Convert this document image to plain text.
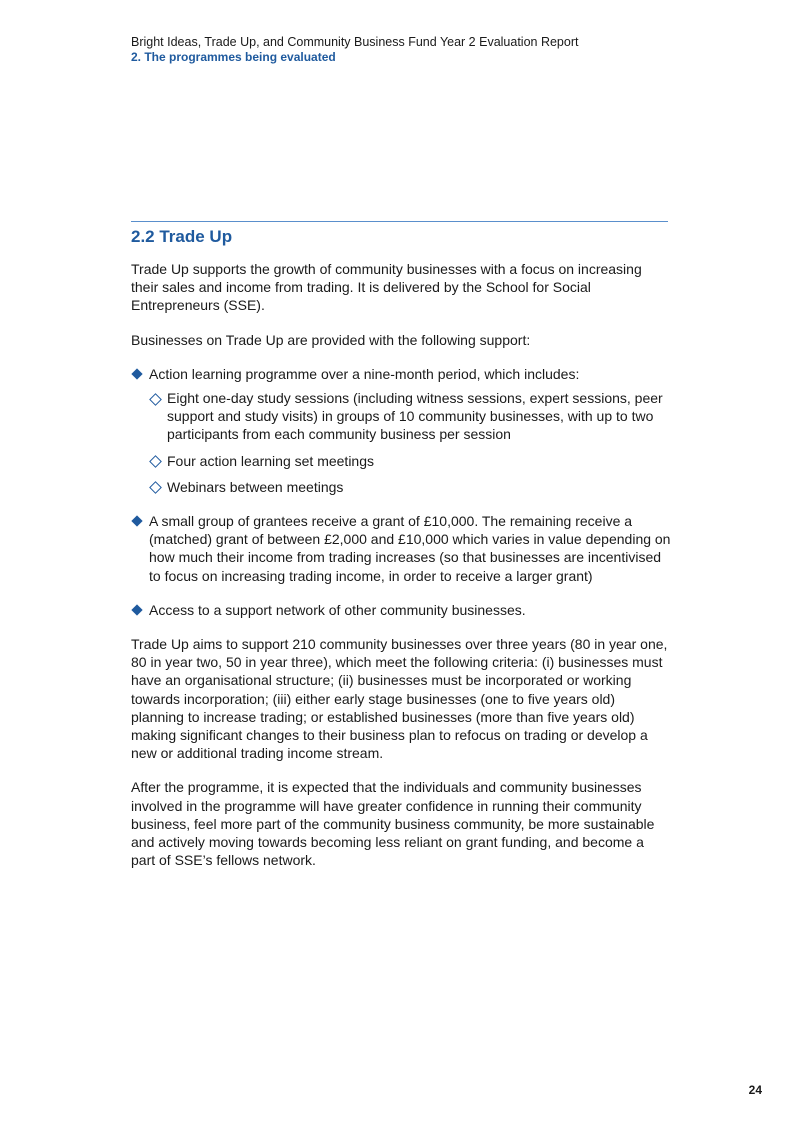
Bright Ideas, Trade Up, and Community Business Fund Year 2 Evaluation Report
2. The programmes being evaluated
2.2 Trade Up

Trade Up supports the growth of community businesses with a focus on increasing their sales and income from trading. It is delivered by the School for Social Entrepreneurs (SSE).

Businesses on Trade Up are provided with the following support:

Action learning programme over a nine-month period, which includes:
Eight one-day study sessions (including witness sessions, expert sessions, peer support and study visits) in groups of 10 community businesses, with up to two participants from each community business per session
Four action learning set meetings
Webinars between meetings
A small group of grantees receive a grant of £10,000. The remaining receive a (matched) grant of between £2,000 and £10,000 which varies in value depending on how much their income from trading increases (so that businesses are incentivised to focus on increasing trading income, in order to receive a larger grant)
Access to a support network of other community businesses.

Trade Up aims to support 210 community businesses over three years (80 in year one, 80 in year two, 50 in year three), which meet the following criteria: (i) businesses must have an organisational structure; (ii) businesses must be incorporated or working towards incorporation; (iii) either early stage businesses (one to five years old) planning to increase trading; or established businesses (more than five years old) making significant changes to their business plan to refocus on trading or develop a new or additional trading income stream.

After the programme, it is expected that the individuals and community businesses involved in the programme will have greater confidence in running their community business, feel more part of the community business community, be more sustainable and actively moving towards becoming less reliant on grant funding, and become a part of SSE’s fellows network.

24
